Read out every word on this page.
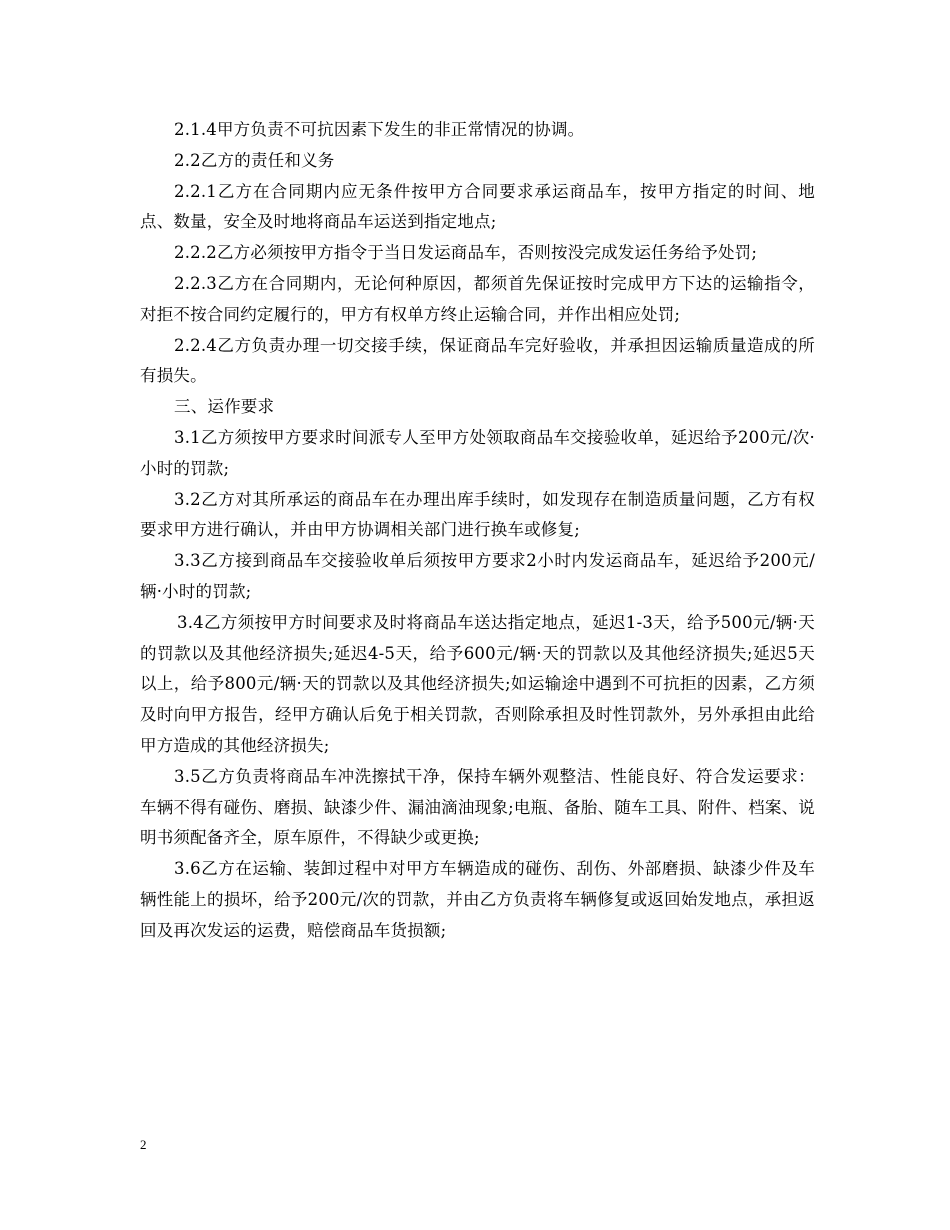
2.1.4甲方负责不可抗因素下发生的非正常情况的协调。

2.2乙方的责任和义务

2.2.1乙方在合同期内应无条件按甲方合同要求承运商品车，按甲方指定的时间、地点、数量，安全及时地将商品车运送到指定地点;

2.2.2乙方必须按甲方指令于当日发运商品车，否则按没完成发运任务给予处罚;

2.2.3乙方在合同期内，无论何种原因，都须首先保证按时完成甲方下达的运输指令，对拒不按合同约定履行的，甲方有权单方终止运输合同，并作出相应处罚;

2.2.4乙方负责办理一切交接手续，保证商品车完好验收，并承担因运输质量造成的所有损失。

三、运作要求

3.1乙方须按甲方要求时间派专人至甲方处领取商品车交接验收单，延迟给予200元/次·小时的罚款;

3.2乙方对其所承运的商品车在办理出库手续时，如发现存在制造质量问题，乙方有权要求甲方进行确认，并由甲方协调相关部门进行换车或修复;

3.3乙方接到商品车交接验收单后须按甲方要求2小时内发运商品车，延迟给予200元/辆·小时的罚款;

3.4乙方须按甲方时间要求及时将商品车送达指定地点，延迟1-3天，给予500元/辆·天的罚款以及其他经济损失;延迟4-5天，给予600元/辆·天的罚款以及其他经济损失;延迟5天以上，给予800元/辆·天的罚款以及其他经济损失;如运输途中遇到不可抗拒的因素，乙方须及时向甲方报告，经甲方确认后免于相关罚款，否则除承担及时性罚款外，另外承担由此给甲方造成的其他经济损失;

3.5乙方负责将商品车冲洗擦拭干净，保持车辆外观整洁、性能良好、符合发运要求：车辆不得有碰伤、磨损、缺漆少件、漏油滴油现象;电瓶、备胎、随车工具、附件、档案、说明书须配备齐全，原车原件，不得缺少或更换;

3.6乙方在运输、装卸过程中对甲方车辆造成的碰伤、刮伤、外部磨损、缺漆少件及车辆性能上的损坏，给予200元/次的罚款，并由乙方负责将车辆修复或返回始发地点，承担返回及再次发运的运费，赔偿商品车货损额;

2
